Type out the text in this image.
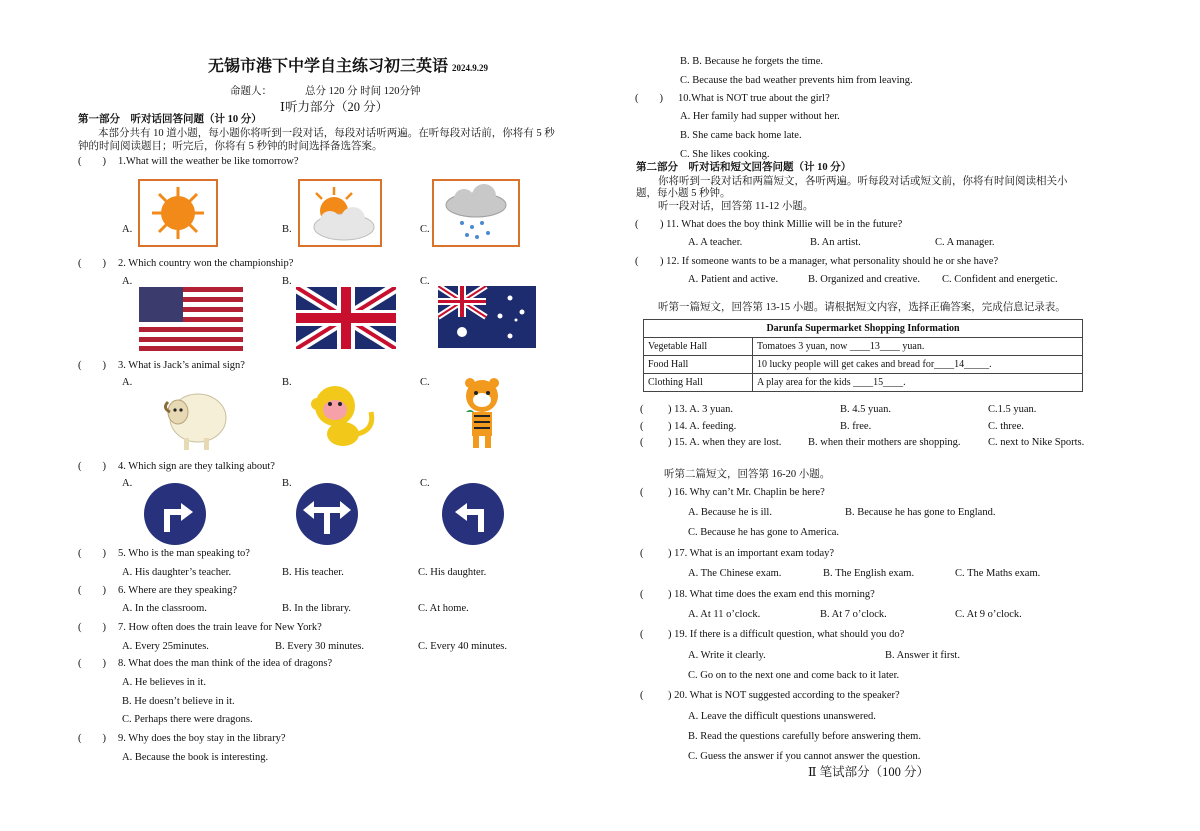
无锡市港下中学自主练习初三英语 2024.9.29
命题人：	总分 120 分 时间 120分钟
Ⅰ听力部分（20 分）
第一部分　听对话回答问题（计 10 分）
本部分共有 10 道小题，每小题你将听到一段对话，每段对话听两遍。在听每段对话前，你将有 5 秒
钟的时间阅读题目；听完后，你将有 5 秒钟的时间选择备选答案。
(　　) 1.What will the weather be like tomorrow?
A.	B.	C.
(　　) 2. Which country won the championship?
A.	B.	C.
(　　) 3. What is Jack’s animal sign?
A.	B.	C.
(　　) 4. Which sign are they talking about?
A.	B.	C.
(　　) 5. Who is the man speaking to?
A. His daughter’s teacher.	B. His teacher.	C. His daughter.
(　　) 6. Where are they speaking?
A. In the classroom.	B. In the library.	C. At home.
(　　) 7. How often does the train leave for New York?
A. Every 25minutes.	B. Every 30 minutes.	C. Every 40 minutes.
(　　) 8. What does the man think of the idea of dragons?
A. He believes in it.
B. He doesn’t believe in it.
C. Perhaps there were dragons.
(　　) 9. Why does the boy stay in the library?
A. Because the book is interesting.
B. B. Because he forgets the time.
C. Because the bad weather prevents him from leaving.
(　　) 10.What is NOT true about the girl?
A. Her family had supper without her.
B. She came back home late.
C. She likes cooking.
第二部分　听对话和短文回答问题（计 10 分）
你将听到一段对话和两篇短文，各听两遍。听每段对话或短文前，你将有时间阅读相关小
题，每小题 5 秒钟。
听一段对话，回答第 11-12 小题。
( ) 11. What does the boy think Millie will be in the future?
A. A teacher.	B. An artist.	C. A manager.
( ) 12. If someone wants to be a manager, what personality should he or she have?
A. Patient and active.	B. Organized and creative. C. Confident and energetic.
听第一篇短文，回答第 13-15 小题。请根据短文内容，选择正确答案，完成信息记录表。
Darunfa Supermarket Shopping Information	
Vegetable Hall	Tomatoes 3 yuan, now ____13____ yuan.
Food Hall	10 lucky people will get cakes and bread for____14_____.
Clothing Hall	A play area for the kids ____15____.
( ) 13. A. 3 yuan.	B. 4.5 yuan.	C.1.5 yuan.
( ) 14. A. feeding.	B. free.	C. three.
( ) 15. A. when they are lost.	B. when their mothers are shopping.	C. next to Nike Sports.
听第二篇短文，回答第 16-20 小题。
( ) 16. Why can’t Mr. Chaplin be here?
A. Because he is ill.	B. Because he has gone to England.
C. Because he has gone to America.
( ) 17. What is an important exam today?
A. The Chinese exam.	B. The English exam.	C. The Maths exam.
( ) 18. What time does the exam end this morning?
A. At 11 o’clock.	B. At 7 o’clock.	C. At 9 o’clock.
( ) 19. If there is a difficult question, what should you do?
A. Write it clearly.	B. Answer it first.
C. Go on to the next one and come back to it later.
( ) 20. What is NOT suggested according to the speaker?
A. Leave the difficult questions unanswered.
B. Read the questions carefully before answering them.
C. Guess the answer if you cannot answer the question.
Ⅱ 笔试部分（100 分）
